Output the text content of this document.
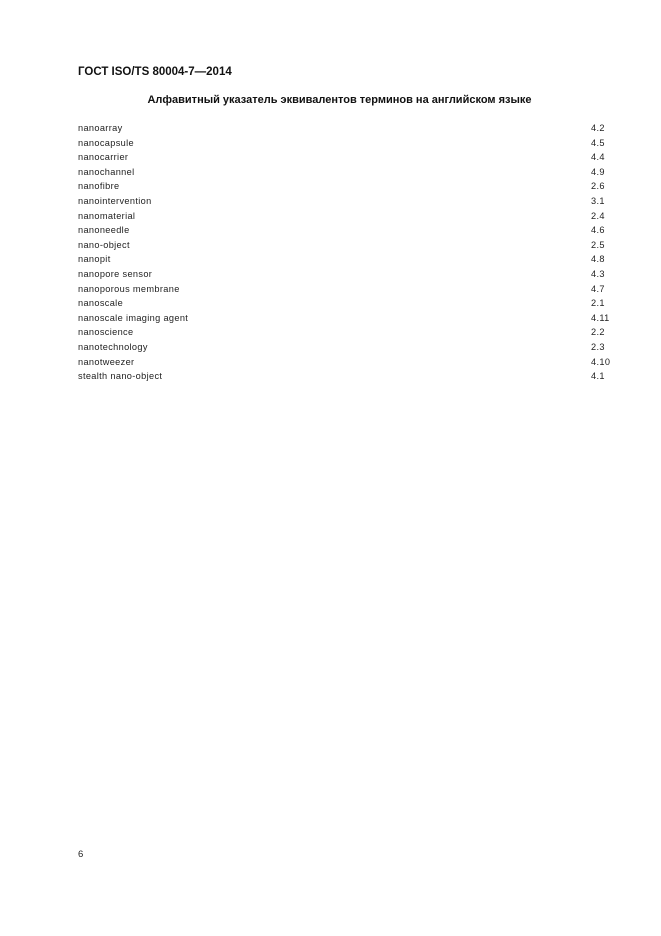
ГОСТ ISO/TS 80004-7—2014
Алфавитный указатель эквивалентов терминов на английском языке
nanoarray	4.2
nanocapsule	4.5
nanocarrier	4.4
nanochannel	4.9
nanofibre	2.6
nanointervention	3.1
nanomaterial	2.4
nanoneedle	4.6
nano-object	2.5
nanopit	4.8
nanopore sensor	4.3
nanoporous membrane	4.7
nanoscale	2.1
nanoscale imaging agent	4.11
nanoscience	2.2
nanotechnology	2.3
nanotweezer	4.10
stealth nano-object	4.1
6
